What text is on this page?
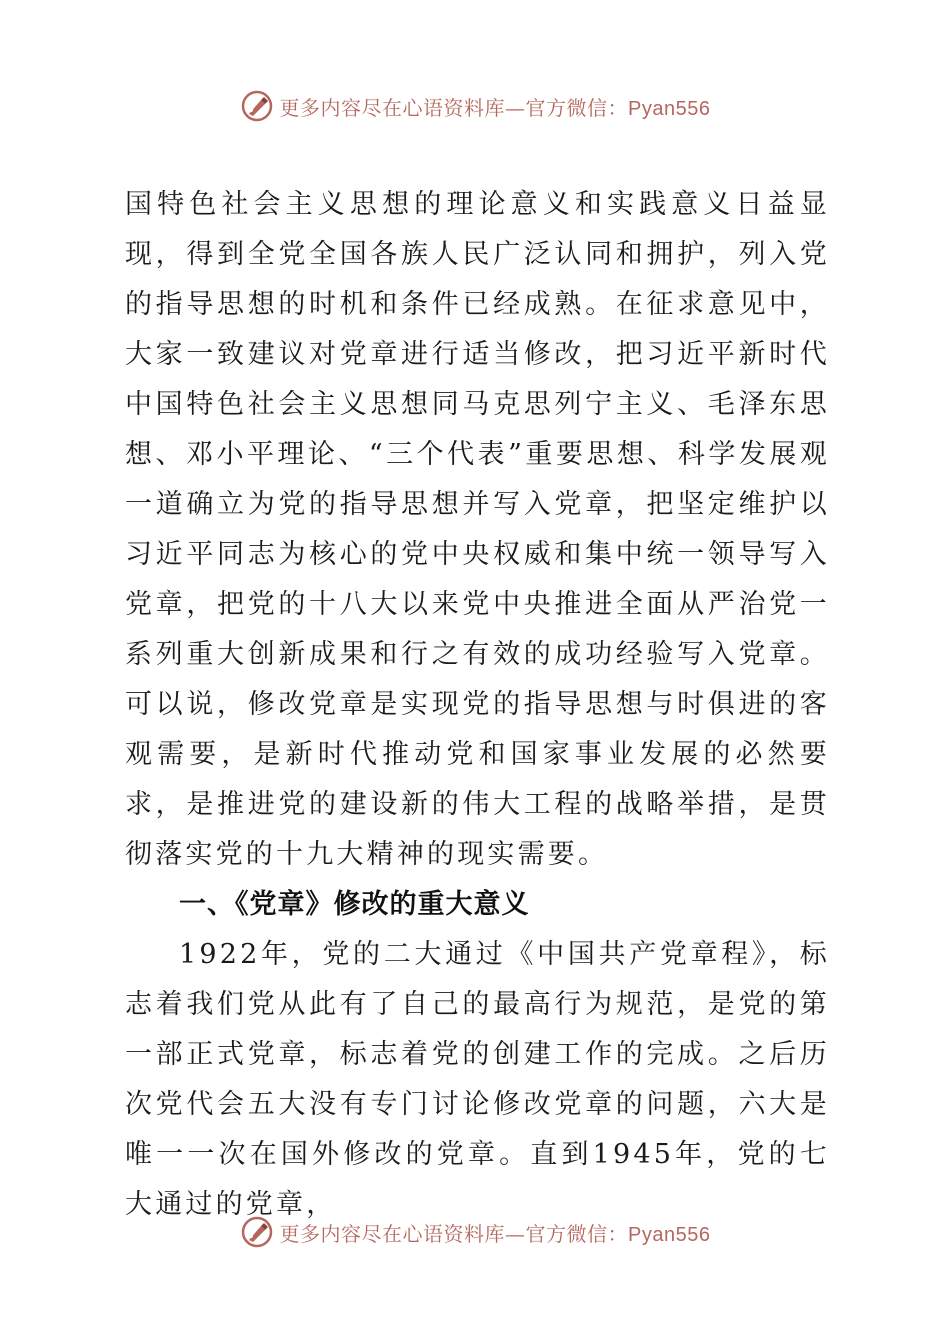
更多内容尽在心语资料库—官方微信：Pyan556

国特色社会主义思想的理论意义和实践意义日益显现，得到全党全国各族人民广泛认同和拥护，列入党的指导思想的时机和条件已经成熟。在征求意见中，大家一致建议对党章进行适当修改，把习近平新时代中国特色社会主义思想同马克思列宁主义、毛泽东思想、邓小平理论、“三个代表”重要思想、科学发展观一道确立为党的指导思想并写入党章，把坚定维护以习近平同志为核心的党中央权威和集中统一领导写入党章，把党的十八大以来党中央推进全面从严治党一系列重大创新成果和行之有效的成功经验写入党章。可以说，修改党章是实现党的指导思想与时俱进的客观需要，是新时代推动党和国家事业发展的必然要求，是推进党的建设新的伟大工程的战略举措，是贯彻落实党的十九大精神的现实需要。

一、《党章》修改的重大意义

1922年，党的二大通过《中国共产党章程》，标志着我们党从此有了自己的最高行为规范，是党的第一部正式党章，标志着党的创建工作的完成。之后历次党代会五大没有专门讨论修改党章的问题，六大是唯一一次在国外修改的党章。直到1945年，党的七大通过的党章，

更多内容尽在心语资料库—官方微信：Pyan556
